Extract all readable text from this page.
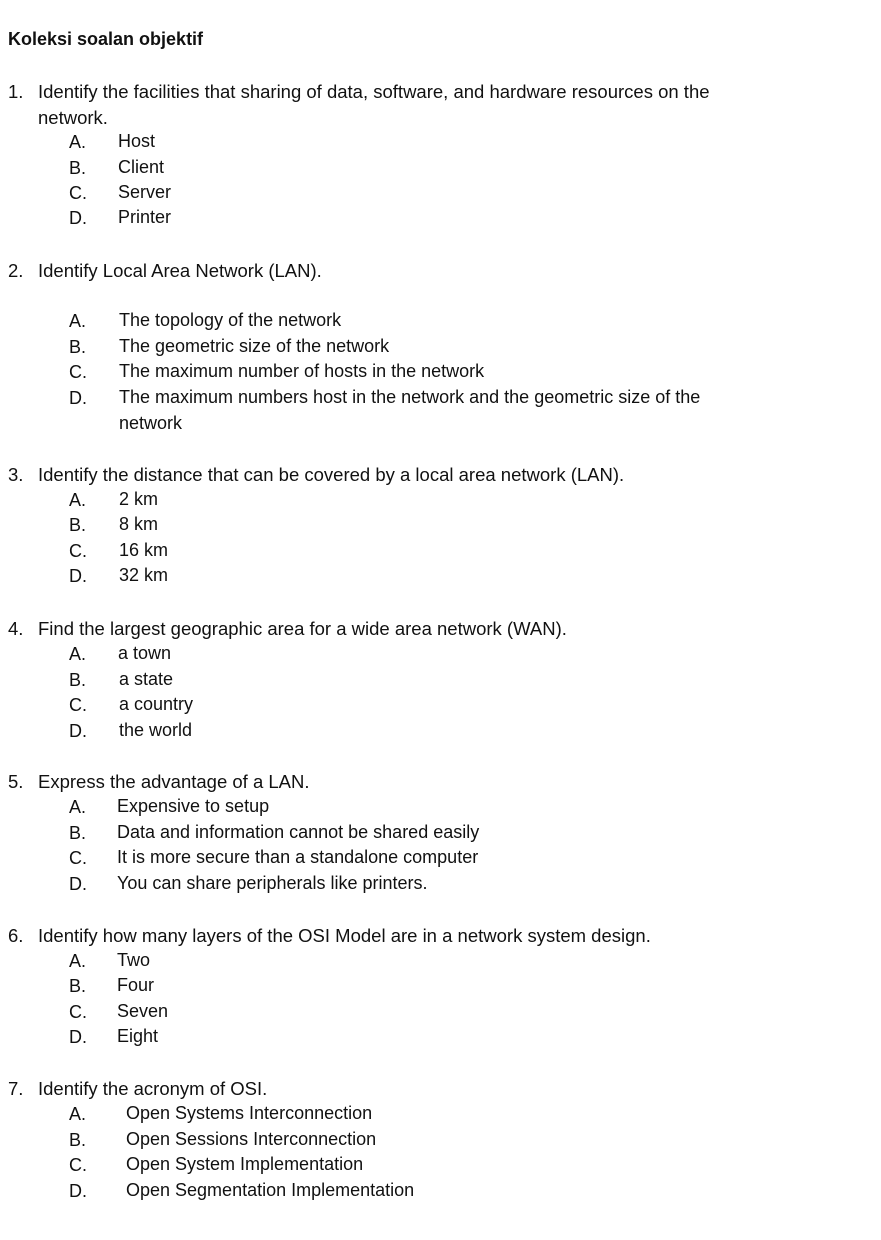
Koleksi soalan objektif
1. Identify the facilities that sharing of data, software, and hardware resources on the network.
A. Host
B. Client
C. Server
D. Printer
2. Identify Local Area Network (LAN).
A. The topology of the network
B. The geometric size of the network
C. The maximum number of hosts in the network
D. The maximum numbers host in the network and the geometric size of the network
3. Identify the distance that can be covered by a local area network (LAN).
A. 2 km
B. 8 km
C. 16 km
D. 32 km
4. Find the largest geographic area for a wide area network (WAN).
A. a town
B. a state
C. a country
D. the world
5. Express the advantage of a LAN.
A. Expensive to setup
B. Data and information cannot be shared easily
C. It is more secure than a standalone computer
D. You can share peripherals like printers.
6. Identify how many layers of the OSI Model are in a network system design.
A. Two
B. Four
C. Seven
D. Eight
7. Identify the acronym of OSI.
A. Open Systems Interconnection
B. Open Sessions Interconnection
C. Open System Implementation
D. Open Segmentation Implementation
